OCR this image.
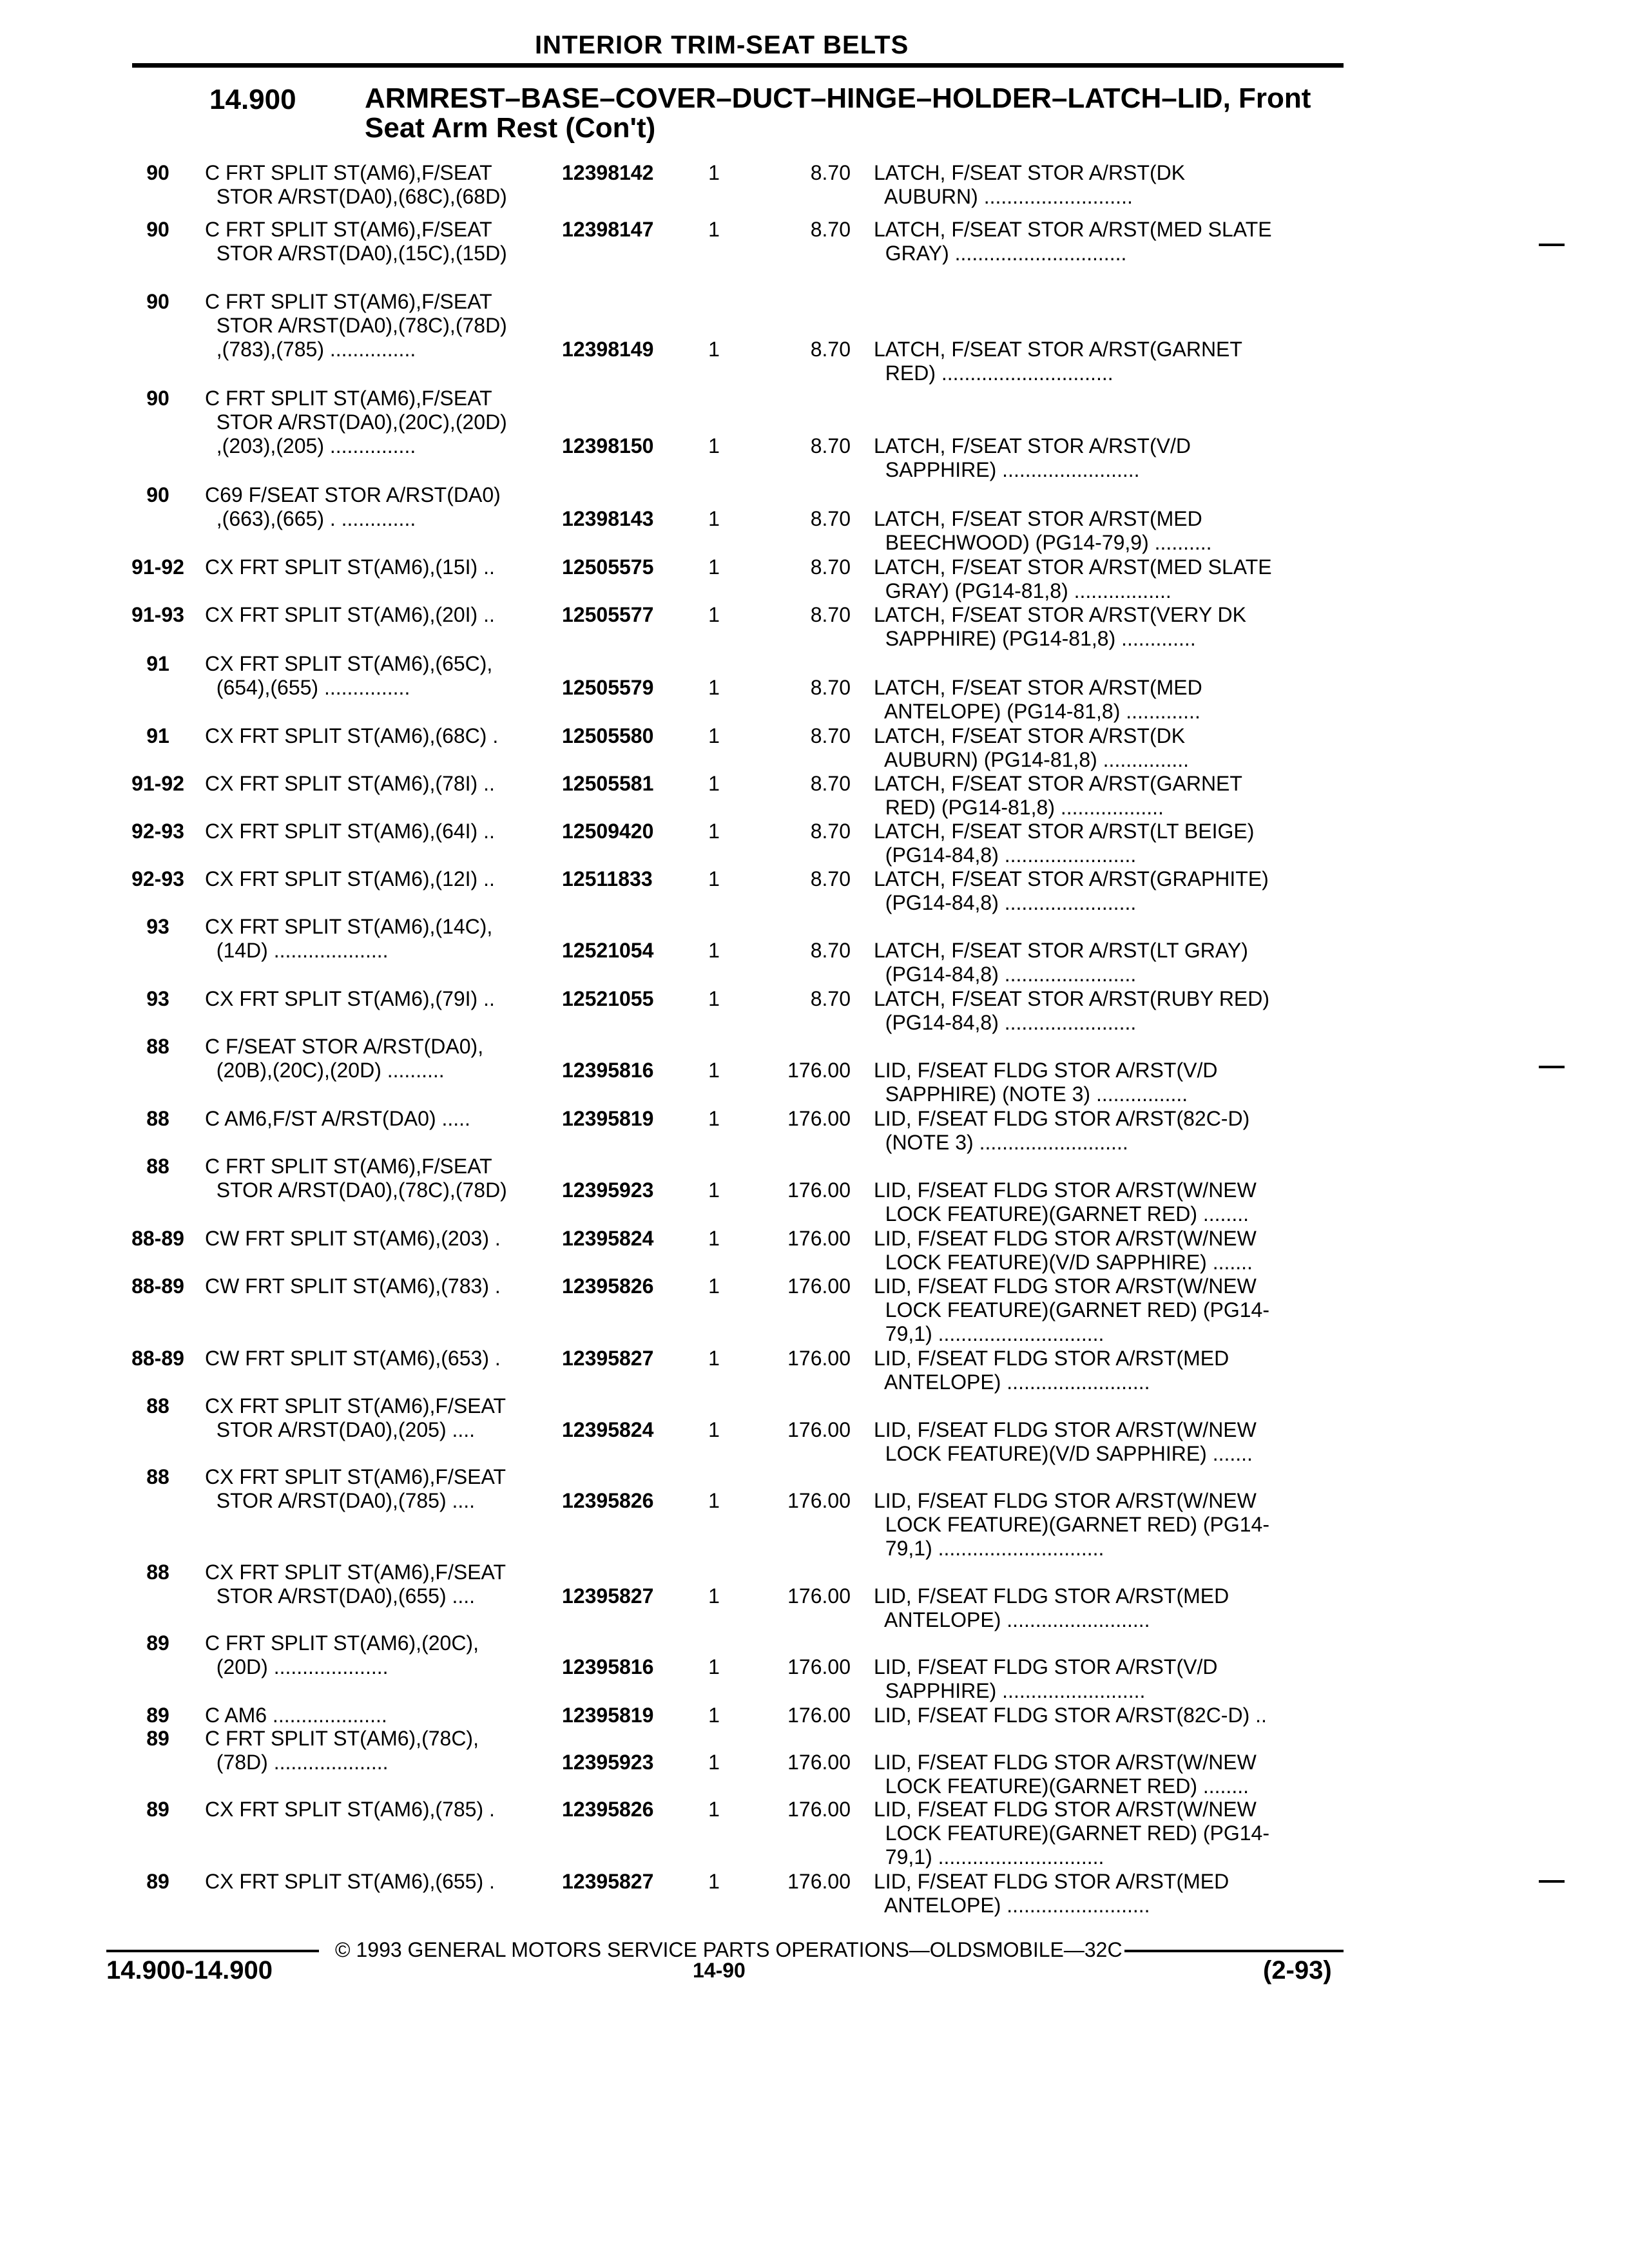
INTERIOR TRIM-SEAT BELTS
14.900 ARMREST–BASE–COVER–DUCT–HINGE–HOLDER–LATCH–LID, Front Seat Arm Rest (Con't)
90	C FRT SPLIT ST(AM6),F/SEAT
STOR A/RST(DA0),(68C),(68D)
12398142	1	8.70 LATCH, F/SEAT STOR A/RST(DK
AUBURN) ..........................
90	C FRT SPLIT ST(AM6),F/SEAT
STOR A/RST(DA0),(15C),(15D)
12398147	1	8.70 LATCH, F/SEAT STOR A/RST(MED SLATE
GRAY) ..............................
90	C FRT SPLIT ST(AM6),F/SEAT
STOR A/RST(DA0),(78C),(78D)
,(783),(785) ...............	12398149	1	8.70 LATCH, F/SEAT STOR A/RST(GARNET
RED) ..............................
90	C FRT SPLIT ST(AM6),F/SEAT
STOR A/RST(DA0),(20C),(20D)
,(203),(205) ...............	12398150	1	8.70 LATCH, F/SEAT STOR A/RST(V/D
SAPPHIRE) ........................
90	C69 F/SEAT STOR A/RST(DA0)
,(663),(665) . .............	12398143	1	8.70 LATCH, F/SEAT STOR A/RST(MED
BEECHWOOD) (PG14-79,9) ..........
91-92	CX FRT SPLIT ST(AM6),(15I) ..	12505575	1	8.70 LATCH, F/SEAT STOR A/RST(MED SLATE
GRAY) (PG14-81,8) .................
91-93	CX FRT SPLIT ST(AM6),(20I) ..	12505577	1	8.70 LATCH, F/SEAT STOR A/RST(VERY DK
SAPPHIRE) (PG14-81,8) .............
91	CX FRT SPLIT ST(AM6),(65C),
(654),(655) ...............	12505579	1	8.70 LATCH, F/SEAT STOR A/RST(MED
ANTELOPE) (PG14-81,8) .............
91	CX FRT SPLIT ST(AM6),(68C) .	12505580	1	8.70 LATCH, F/SEAT STOR A/RST(DK
AUBURN) (PG14-81,8) ...............
91-92	CX FRT SPLIT ST(AM6),(78I) ..	12505581	1	8.70 LATCH, F/SEAT STOR A/RST(GARNET
RED) (PG14-81,8) ..................
92-93	CX FRT SPLIT ST(AM6),(64I) ..	12509420	1	8.70 LATCH, F/SEAT STOR A/RST(LT BEIGE)
(PG14-84,8) .......................
92-93	CX FRT SPLIT ST(AM6),(12I) ..	12511833	1	8.70 LATCH, F/SEAT STOR A/RST(GRAPHITE)
(PG14-84,8) .......................
93	CX FRT SPLIT ST(AM6),(14C),
(14D) ....................	12521054	1	8.70 LATCH, F/SEAT STOR A/RST(LT GRAY)
(PG14-84,8) .......................
93	CX FRT SPLIT ST(AM6),(79I) ..	12521055	1	8.70 LATCH, F/SEAT STOR A/RST(RUBY RED)
(PG14-84,8) .......................
88	C F/SEAT STOR A/RST(DA0),
(20B),(20C),(20D) ..........	12395816	1	176.00 LID, F/SEAT FLDG STOR A/RST(V/D
SAPPHIRE) (NOTE 3) ................
88	C AM6,F/ST A/RST(DA0) .....	12395819	1	176.00 LID, F/SEAT FLDG STOR A/RST(82C-D)
(NOTE 3) ..........................
88	C FRT SPLIT ST(AM6),F/SEAT
STOR A/RST(DA0),(78C),(78D)	12395923	1	176.00 LID, F/SEAT FLDG STOR A/RST(W/NEW
LOCK FEATURE)(GARNET RED) ........
88-89	CW FRT SPLIT ST(AM6),(203) .	12395824	1	176.00 LID, F/SEAT FLDG STOR A/RST(W/NEW
LOCK FEATURE)(V/D SAPPHIRE) .......
88-89	CW FRT SPLIT ST(AM6),(783) .	12395826	1	176.00 LID, F/SEAT FLDG STOR A/RST(W/NEW
LOCK FEATURE)(GARNET RED) (PG14-
79,1) .............................
88-89	CW FRT SPLIT ST(AM6),(653) .	12395827	1	176.00 LID, F/SEAT FLDG STOR A/RST(MED
ANTELOPE) .........................
88	CX FRT SPLIT ST(AM6),F/SEAT
STOR A/RST(DA0),(205) ....	12395824	1	176.00 LID, F/SEAT FLDG STOR A/RST(W/NEW
LOCK FEATURE)(V/D SAPPHIRE) .......
88	CX FRT SPLIT ST(AM6),F/SEAT
STOR A/RST(DA0),(785) ....	12395826	1	176.00 LID, F/SEAT FLDG STOR A/RST(W/NEW
LOCK FEATURE)(GARNET RED) (PG14-
79,1) .............................
88	CX FRT SPLIT ST(AM6),F/SEAT
STOR A/RST(DA0),(655) ....	12395827	1	176.00 LID, F/SEAT FLDG STOR A/RST(MED
ANTELOPE) .........................
89	C FRT SPLIT ST(AM6),(20C),
(20D) ....................	12395816	1	176.00 LID, F/SEAT FLDG STOR A/RST(V/D
SAPPHIRE) .........................
89	C AM6 ....................	12395819	1	176.00 LID, F/SEAT FLDG STOR A/RST(82C-D) ..
89	C FRT SPLIT ST(AM6),(78C),
(78D) ....................	12395923	1	176.00 LID, F/SEAT FLDG STOR A/RST(W/NEW
LOCK FEATURE)(GARNET RED) ........
89	CX FRT SPLIT ST(AM6),(785) .	12395826	1	176.00 LID, F/SEAT FLDG STOR A/RST(W/NEW
LOCK FEATURE)(GARNET RED) (PG14-
79,1) .............................
89	CX FRT SPLIT ST(AM6),(655) .	12395827	1	176.00 LID, F/SEAT FLDG STOR A/RST(MED
ANTELOPE) .........................
© 1993 GENERAL MOTORS SERVICE PARTS OPERATIONS—OLDSMOBILE—32C
14.900-14.900	14-90	(2-93)
